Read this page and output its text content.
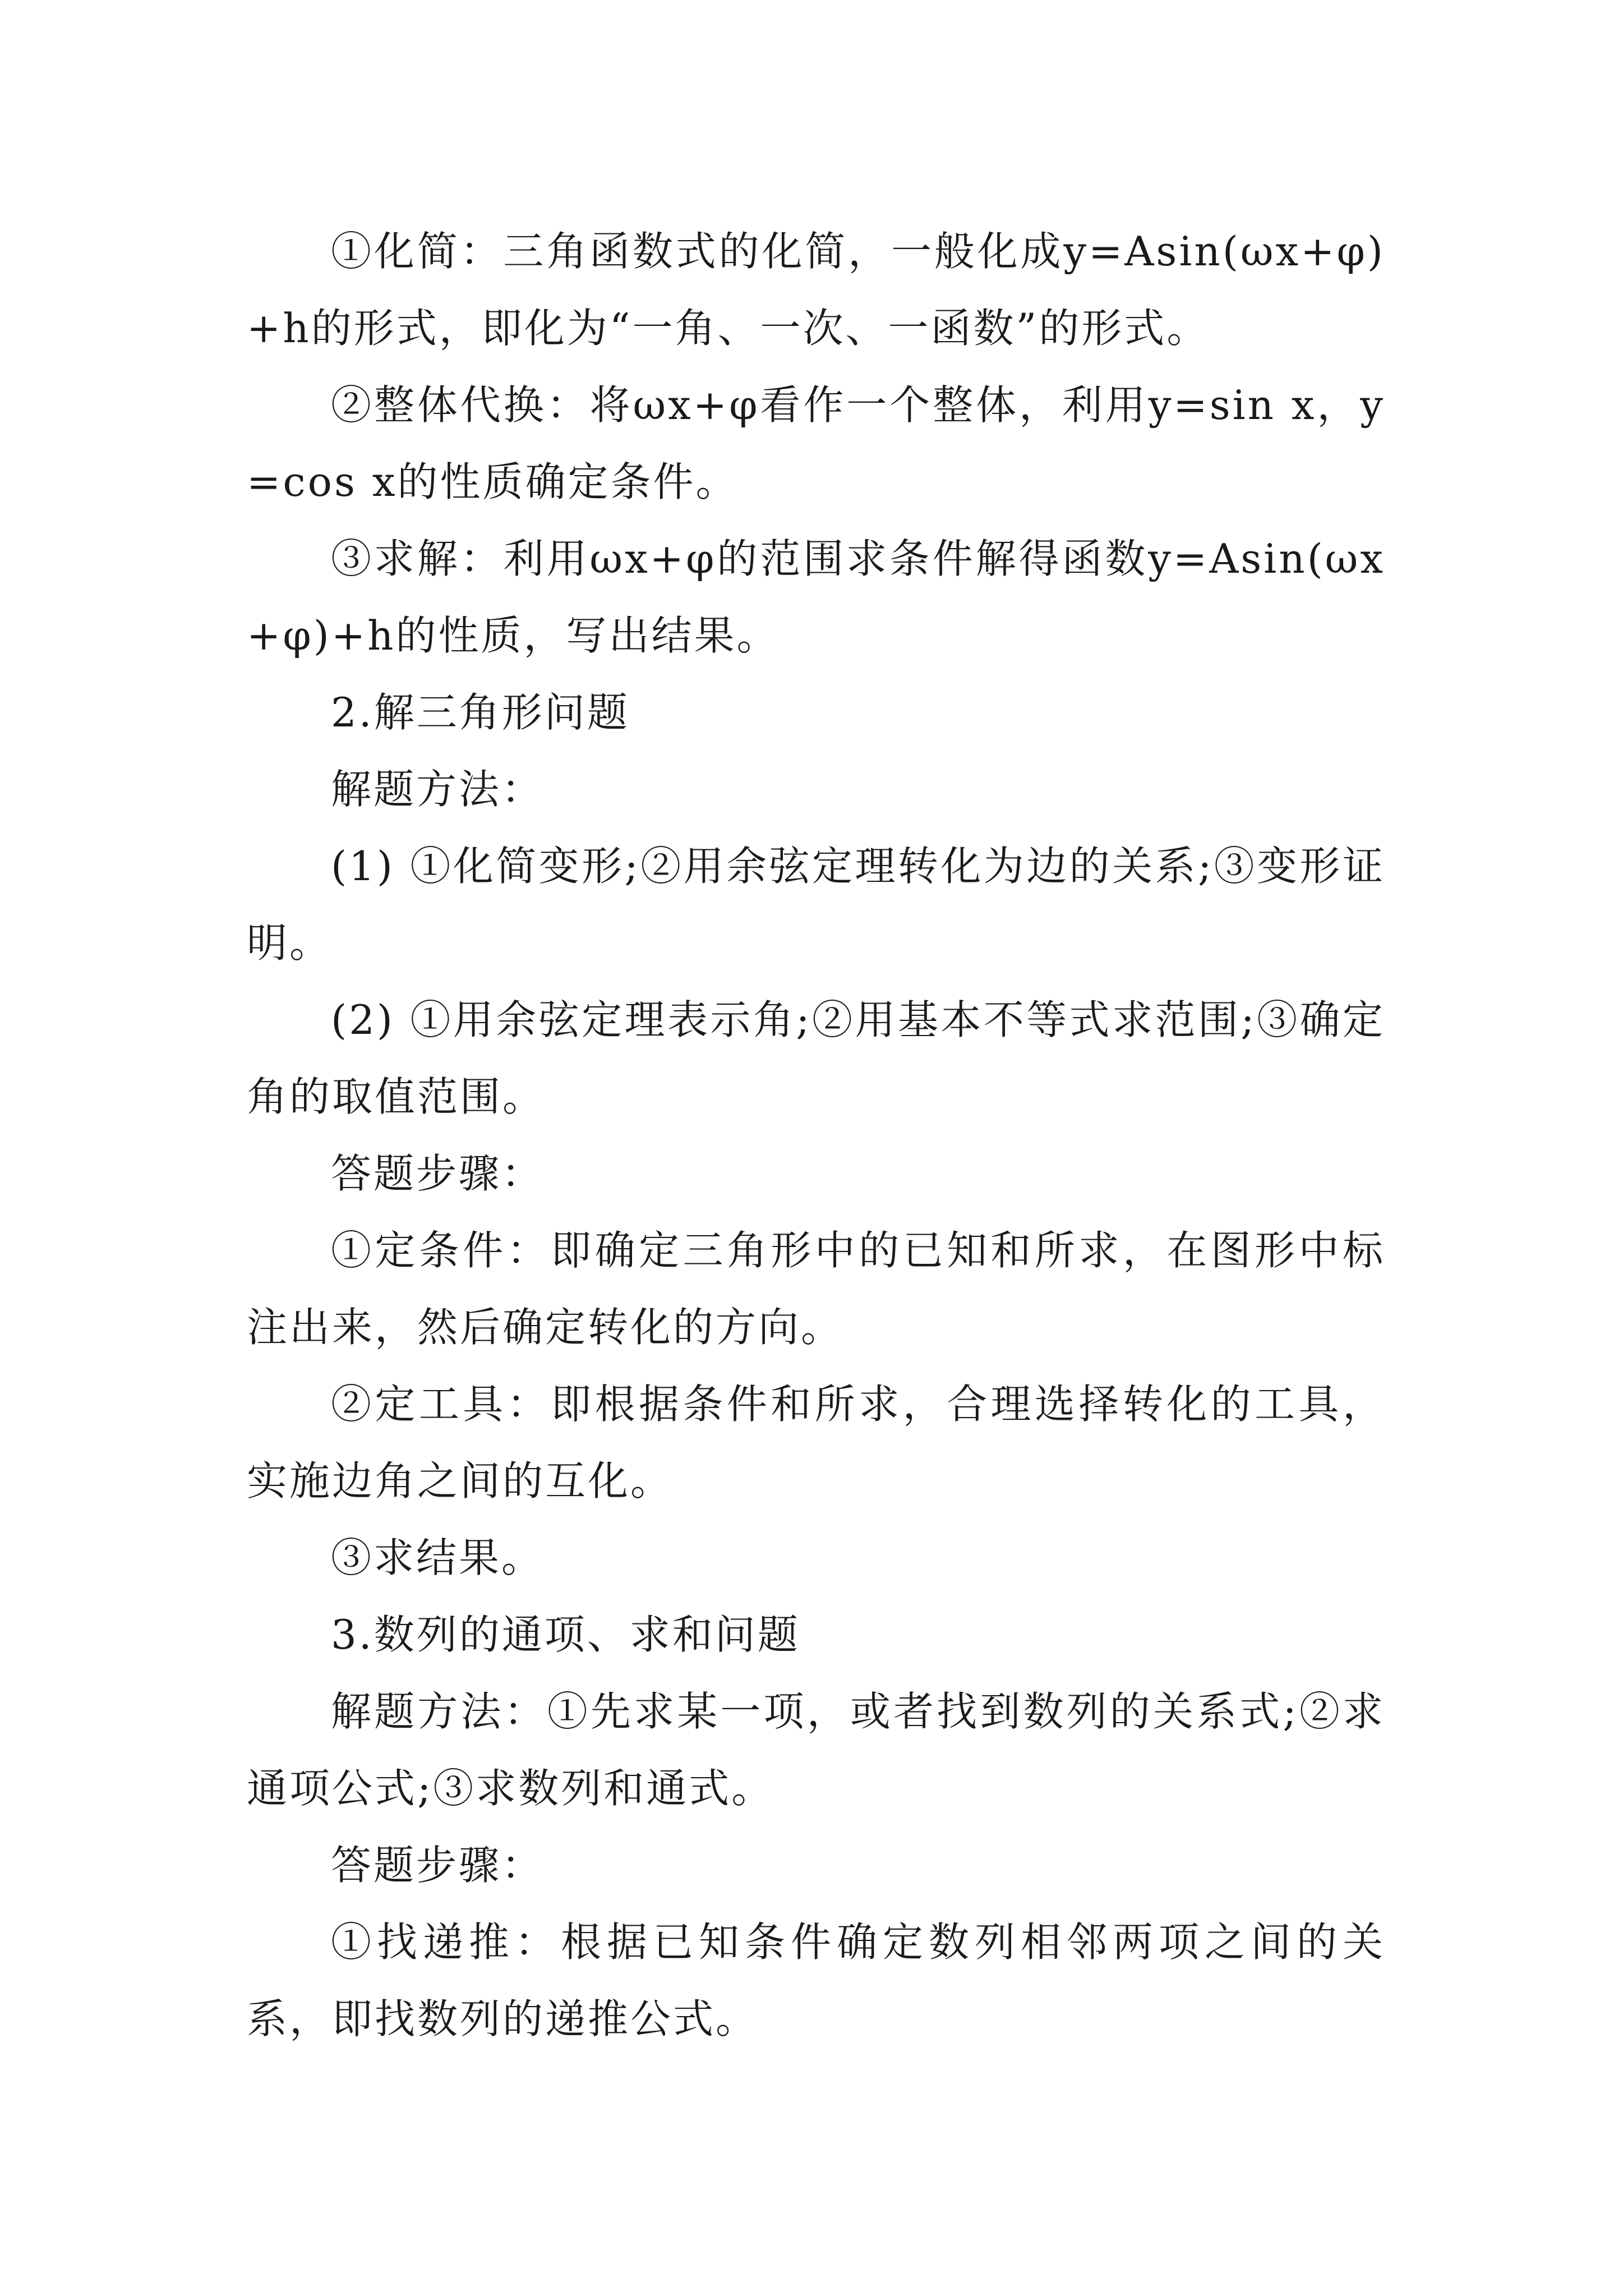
①化简：三角函数式的化简，一般化成y=Asin(ωx+φ)+h的形式，即化为“一角、一次、一函数”的形式。

②整体代换：将ωx+φ看作一个整体，利用y=sin x，y=cos x的性质确定条件。

③求解：利用ωx+φ的范围求条件解得函数y=Asin(ωx+φ)+h的性质，写出结果。

2.解三角形问题

解题方法：

(1) ①化简变形;②用余弦定理转化为边的关系;③变形证明。

(2) ①用余弦定理表示角;②用基本不等式求范围;③确定角的取值范围。

答题步骤：

①定条件：即确定三角形中的已知和所求，在图形中标注出来，然后确定转化的方向。

②定工具：即根据条件和所求，合理选择转化的工具，实施边角之间的互化。

③求结果。

3.数列的通项、求和问题

解题方法：①先求某一项，或者找到数列的关系式;②求通项公式;③求数列和通式。

答题步骤：

①找递推：根据已知条件确定数列相邻两项之间的关系，即找数列的递推公式。
